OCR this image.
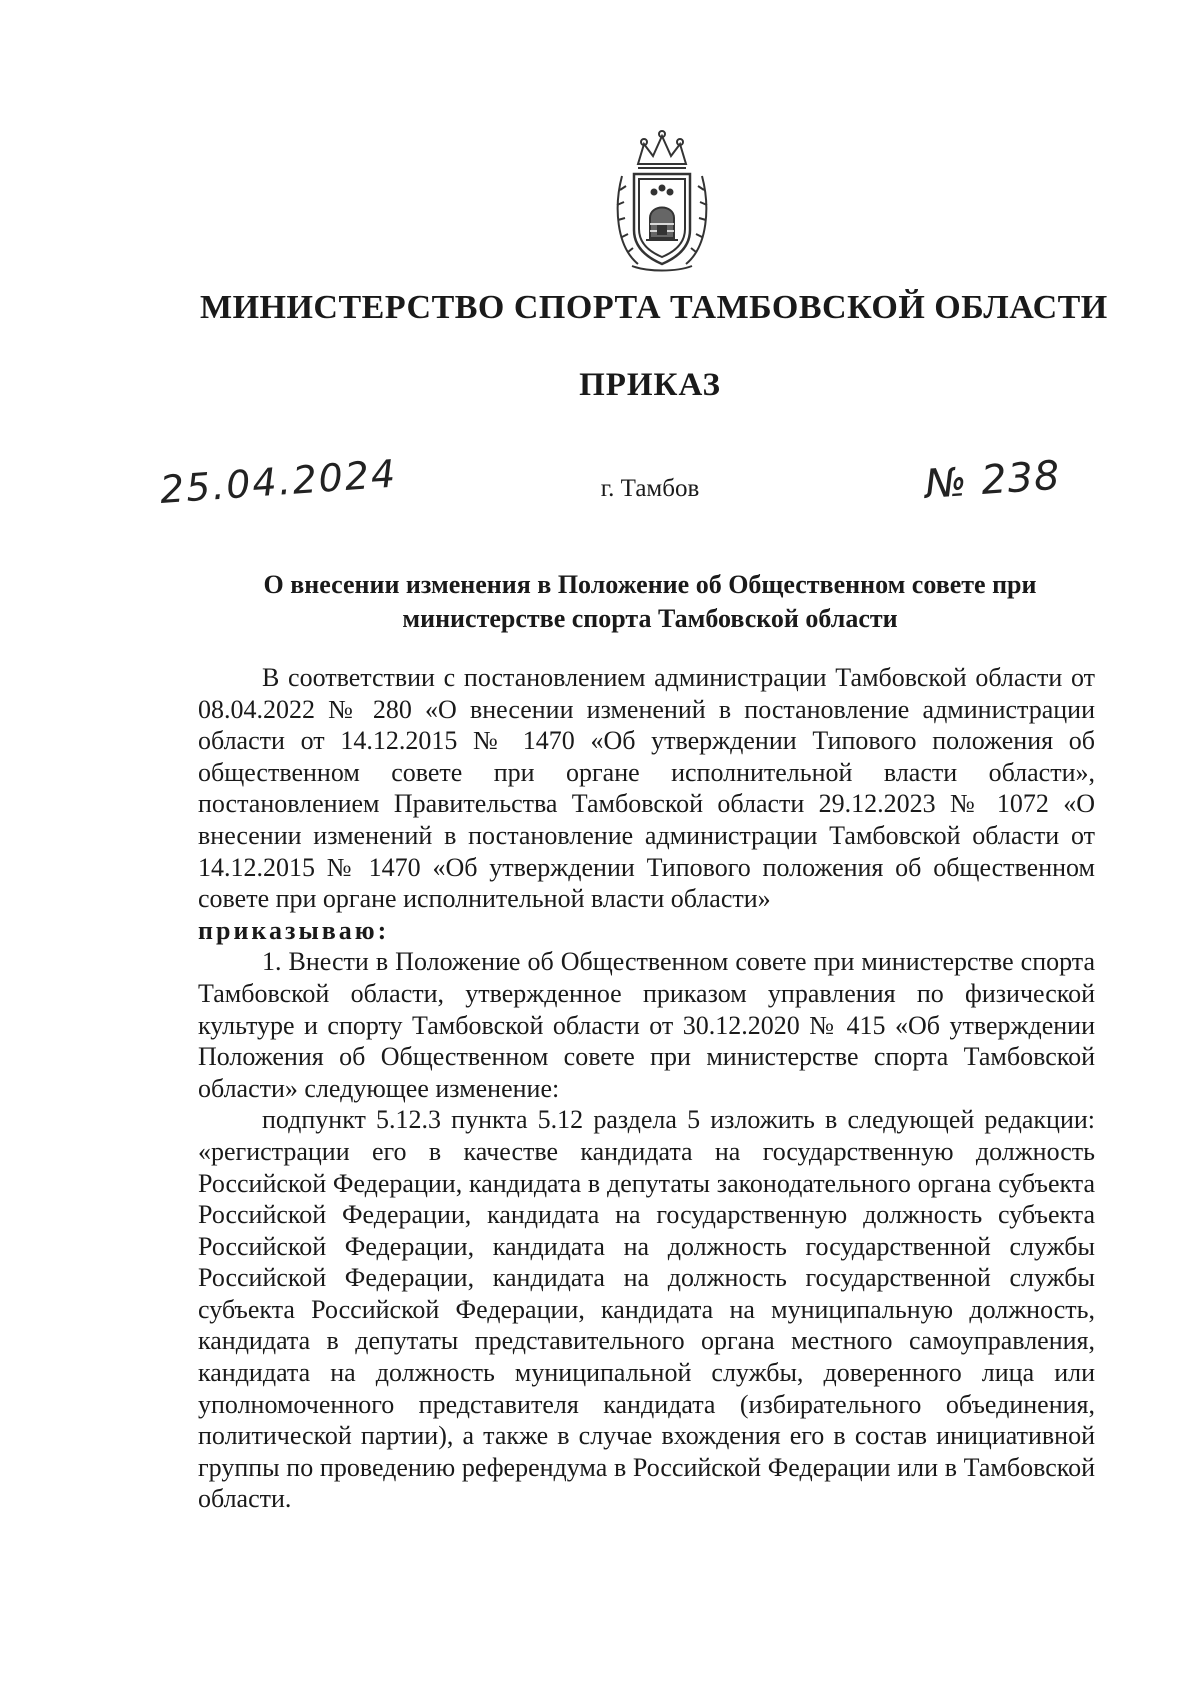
МИНИСТЕРСТВО СПОРТА ТАМБОВСКОЙ ОБЛАСТИ
ПРИКАЗ
25.04.2024	г. Тамбов	№ 238
О внесении изменения в Положение об Общественном совете при
министерстве спорта Тамбовской области

В соответствии с постановлением администрации Тамбовской области от 08.04.2022 № 280 «О внесении изменений в постановление администрации области от 14.12.2015 № 1470 «Об утверждении Типового положения об общественном совете при органе исполнительной власти области», постановлением Правительства Тамбовской области 29.12.2023 № 1072 «О внесении изменений в постановление администрации Тамбовской области от 14.12.2015 № 1470 «Об утверждении Типового положения об общественном совете при органе исполнительной власти области»

приказываю:

1. Внести в Положение об Общественном совете при министерстве спорта Тамбовской области, утвержденное приказом управления по физической культуре и спорту Тамбовской области от 30.12.2020 № 415 «Об утверждении Положения об Общественном совете при министерстве спорта Тамбовской области» следующее изменение:

подпункт 5.12.3 пункта 5.12 раздела 5 изложить в следующей редакции: «регистрации его в качестве кандидата на государственную должность Российской Федерации, кандидата в депутаты законодательного органа субъекта Российской Федерации, кандидата на государственную должность субъекта Российской Федерации, кандидата на должность государственной службы Российской Федерации, кандидата на должность государственной службы субъекта Российской Федерации, кандидата на муниципальную должность, кандидата в депутаты представительного органа местного самоуправления, кандидата на должность муниципальной службы, доверенного лица или уполномоченного представителя кандидата (избирательного объединения, политической партии), а также в случае вхождения его в состав инициативной группы по проведению референдума в Российской Федерации или в Тамбовской области.
